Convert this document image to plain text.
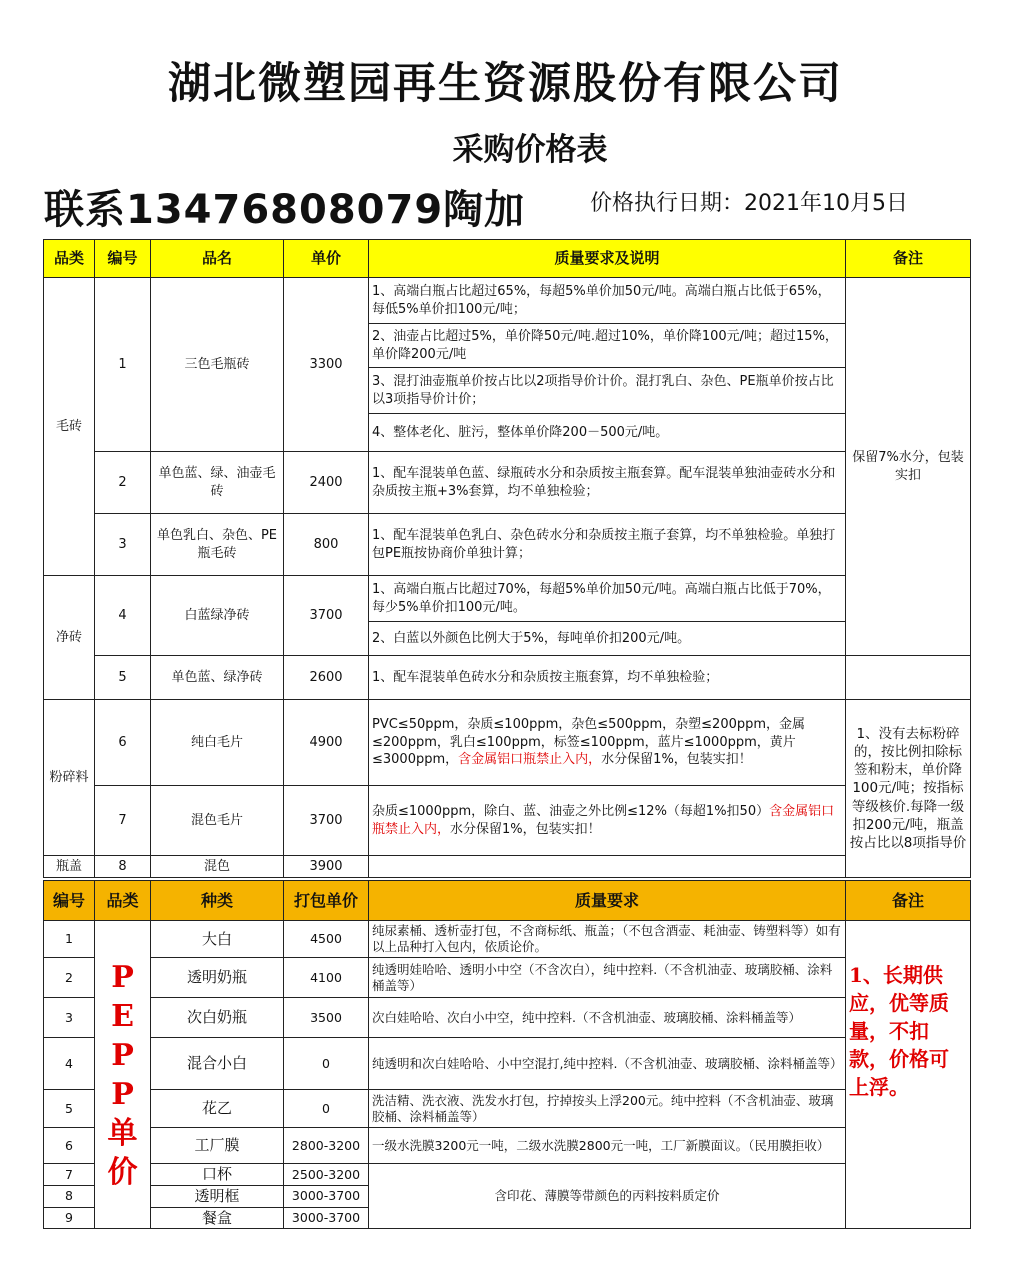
湖北微塑园再生资源股份有限公司
采购价格表
联系13476808079陶加	价格执行日期：2021年10月5日
品类	编号	品名	单价	质量要求及说明	备注
毛砖	1	三色毛瓶砖	3300	1、高端白瓶占比超过65%，每超5%单价加50元/吨。高端白瓶占比低于65%，每低5%单价扣100元/吨；	保留7%水分，包装实扣
				2、油壶占比超过5%，单价降50元/吨.超过10%，单价降100元/吨；超过15%，单价降200元/吨	
				3、混打油壶瓶单价按占比以2项指导价计价。混打乳白、杂色、PE瓶单价按占比以3项指导价计价；	
				4、整体老化、脏污，整体单价降200－500元/吨。	
	2	单色蓝、绿、油壶毛砖	2400	1、配车混装单色蓝、绿瓶砖水分和杂质按主瓶套算。配车混装单独油壶砖水分和杂质按主瓶+3%套算，均不单独检验；	
	3	单色乳白、杂色、PE瓶毛砖	800	1、配车混装单色乳白、杂色砖水分和杂质按主瓶子套算，均不单独检验。单独打包PE瓶按协商价单独计算；	
净砖	4	白蓝绿净砖	3700	1、高端白瓶占比超过70%，每超5%单价加50元/吨。高端白瓶占比低于70%，每少5%单价扣100元/吨。	
				2、白蓝以外颜色比例大于5%，每吨单价扣200元/吨。	
	5	单色蓝、绿净砖	2600	1、配车混装单色砖水分和杂质按主瓶套算，均不单独检验；	
粉碎料	6	纯白毛片	4900	PVC≤50ppm，杂质≤100ppm，杂色≤500ppm，杂塑≤200ppm，金属≤200ppm，乳白≤100ppm，标签≤100ppm，蓝片≤1000ppm，黄片≤3000ppm，含金属铝口瓶禁止入内，水分保留1%，包装实扣！	1、没有去标粉碎的，按比例扣除标签和粉末，单价降100元/吨；按指标等级核价.每降一级扣200元/吨，瓶盖按占比以8项指导价
	7	混色毛片	3700	杂质≤1000ppm，除白、蓝、油壶之外比例≤12%（每超1%扣50）含金属铝口瓶禁止入内，水分保留1%，包装实扣！	
瓶盖	8	混色	3900		
编号	品类	种类	打包单价	质量要求	备注
1	PEPP单价	大白	4500	纯尿素桶、透析壶打包，不含商标纸、瓶盖；（不包含酒壶、耗油壶、铸塑料等）如有以上品种打入包内，依质论价。	1、长期供应，优等质量，不扣款，价格可上浮。

2		透明奶瓶	4100	纯透明娃哈哈、透明小中空（不含次白），纯中控料.（不含机油壶、玻璃胶桶、涂料桶盖等）	
3		次白奶瓶	3500	次白娃哈哈、次白小中空，纯中控料.（不含机油壶、玻璃胶桶、涂料桶盖等）	
4		混合小白	0	纯透明和次白娃哈哈、小中空混打,纯中控料.（不含机油壶、玻璃胶桶、涂料桶盖等）	
5		花乙	0	洗洁精、洗衣液、洗发水打包，拧掉按头上浮200元。纯中控料（不含机油壶、玻璃胶桶、涂料桶盖等）	
6		工厂膜	2800-3200	一级水洗膜3200元一吨，二级水洗膜2800元一吨，工厂新膜面议。（民用膜拒收）	
7		口杯	2500-3200	含印花、薄膜等带颜色的丙料按料质定价	
8		透明框	3000-3700		
9		餐盒	3000-3700		
